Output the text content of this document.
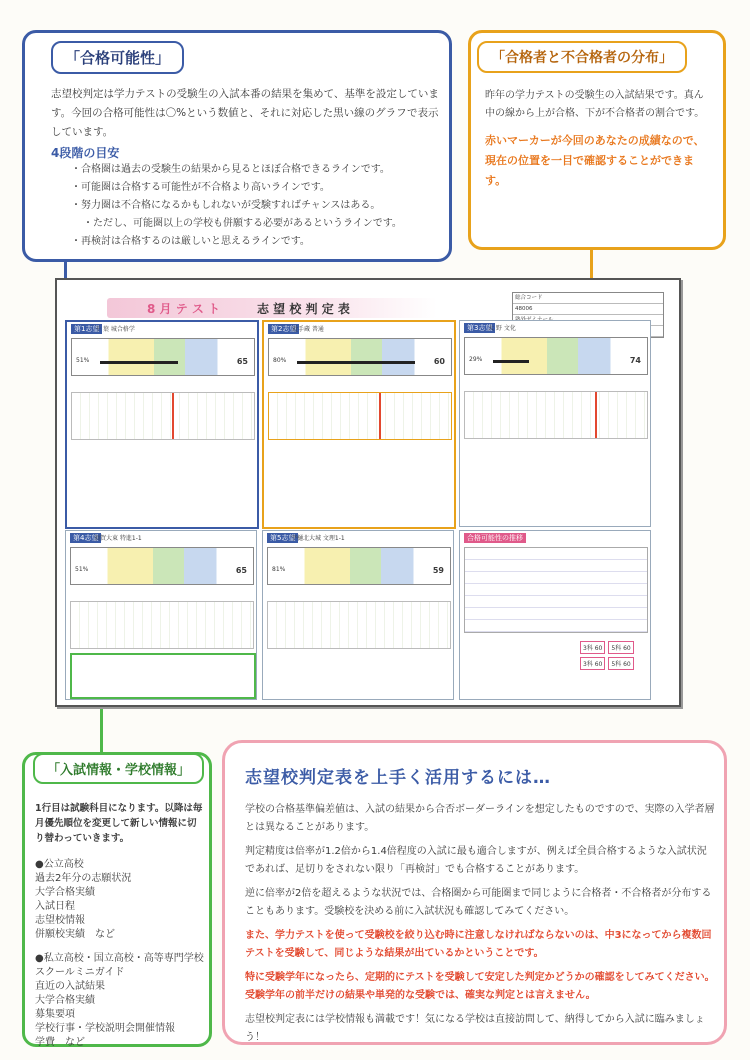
「合格可能性」
志望校判定は学力テストの受験生の入試本番の結果を集めて、基準を設定しています。今回の合格可能性は〇%という数値と、それに対応した黒い線のグラフで表示しています。
4段階の目安
・ 合格圏は過去の受験生の結果から見るとほぼ合格できるラインです。
・ 可能圏は合格する可能性が不合格より高いラインです。
・ 努力圏は不合格になるかもしれないが受験すればチャンスはある。
・ ただし、可能圏以上の学校も併願する必要があるというラインです。
・ 再検討は合格するのは厳しいと思えるラインです。
「合格者と不合格者の分布」
昨年の学力テストの受験生の入試結果です。真ん中の線から上が合格、下が不合格者の割合です。
赤いマーカーが今回のあなたの成績なので、現在の位置を一目で確認することができます。
8 月 テ ス ト	志 望 校 判 定 表
総合コード
48006
第1志望
千 葉 城合格学
51%	65
第2志望
近手蔵 普通
80%	60
第3志望
大 野 文化
29%	74
第4志望
須賀大東 特進1-1
51%	65
第5志望
宇樋北大城 文理1-1
81%	59
合格可能性の推移
3科 60	5科 60
3科 60	5科 60
「入試情報・学校情報」
1行目は試験科目になります。以降は毎月優先順位を変更して新しい情報に切り替わっていきます。
●公立高校
過去2年分の志願状況
大学合格実績
入試日程
志望校情報
併願校実績　など
●私立高校・国立高校・高等専門学校
スクールミニガイド
直近の入試結果
大学合格実績
募集要項
学校行事・学校説明会開催情報
学費　など
志望校判定表を上手く活用するには…

学校の合格基準偏差値は、入試の結果から合否ボーダーラインを想定したものですので、実際の入学者層とは異なることがあります。

判定精度は倍率が1.2倍から1.4倍程度の入試に最も適合しますが、例えば全員合格するような入試状況であれば、足切りをされない限り「再検討」でも合格することがあります。

逆に倍率が2倍を超えるような状況では、合格圏から可能圏まで同じように合格者・不合格者が分布することもあります。受験校を決める前に入試状況も確認してみてください。

また、学力テストを使って受験校を絞り込む時に注意しなければならないのは、中3になってから複数回テストを受験して、同じような結果が出ているかということです。

特に受験学年になったら、定期的にテストを受験して安定した判定かどうかの確認をしてみてください。受験学年の前半だけの結果や単発的な受験では、確実な判定とは言えません。

志望校判定表には学校情報も満載です！気になる学校は直接訪問して、納得してから入試に臨みましょう！
